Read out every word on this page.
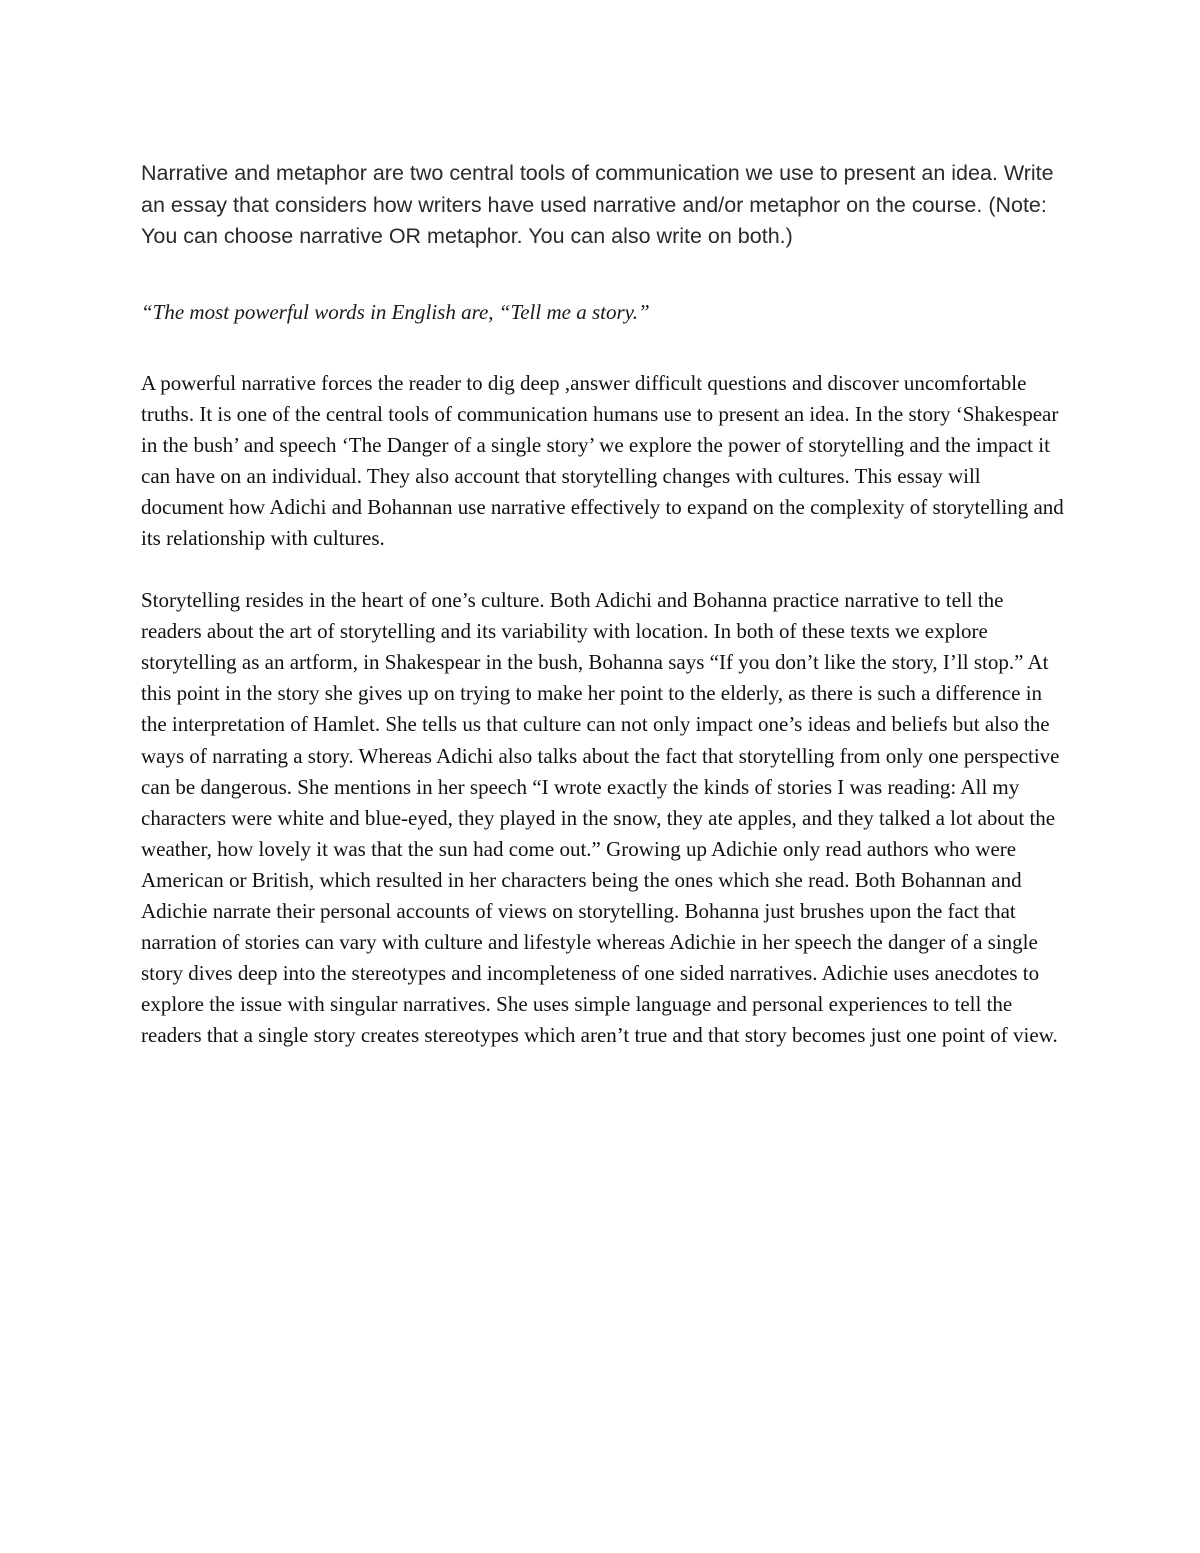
Narrative and metaphor are two central tools of communication we use to present an idea. Write an essay that considers how writers have used narrative and/or metaphor on the course. (Note: You can choose narrative OR metaphor. You can also write on both.)

“The most powerful words in English are, “Tell me a story.”

A powerful narrative forces the reader to dig deep ,answer difficult questions and discover uncomfortable truths. It is one of the central tools of communication humans use to present an idea. In the story ‘Shakespear in the bush’ and speech ‘The Danger of a single story’ we explore the power of storytelling and the impact it can have on an individual. They also account that storytelling changes with cultures. This essay will document how Adichi and Bohannan use narrative effectively to expand on the complexity of storytelling and its relationship with cultures.

Storytelling resides in the heart of one’s culture. Both Adichi and Bohanna practice narrative to tell the readers about the art of storytelling and its variability with location. In both of these texts we explore storytelling as an artform, in Shakespear in the bush, Bohanna says “If you don’t like the story, I’ll stop.” At this point in the story she gives up on trying to make her point to the elderly, as there is such a difference in the interpretation of Hamlet. She tells us that culture can not only impact one’s ideas and beliefs but also the ways of narrating a story. Whereas Adichi also talks about the fact that storytelling from only one perspective can be dangerous. She mentions in her speech “I wrote exactly the kinds of stories I was reading: All my characters were white and blue-eyed, they played in the snow, they ate apples, and they talked a lot about the weather, how lovely it was that the sun had come out.” Growing up Adichie only read authors who were American or British, which resulted in her characters being the ones which she read. Both Bohannan and Adichie narrate their personal accounts of views on storytelling. Bohanna just brushes upon the fact that narration of stories can vary with culture and lifestyle whereas Adichie in her speech the danger of a single story dives deep into the stereotypes and incompleteness of one sided narratives. Adichie uses anecdotes to explore the issue with singular narratives. She uses simple language and personal experiences to tell the readers that a single story creates stereotypes which aren’t true and that story becomes just one point of view.
